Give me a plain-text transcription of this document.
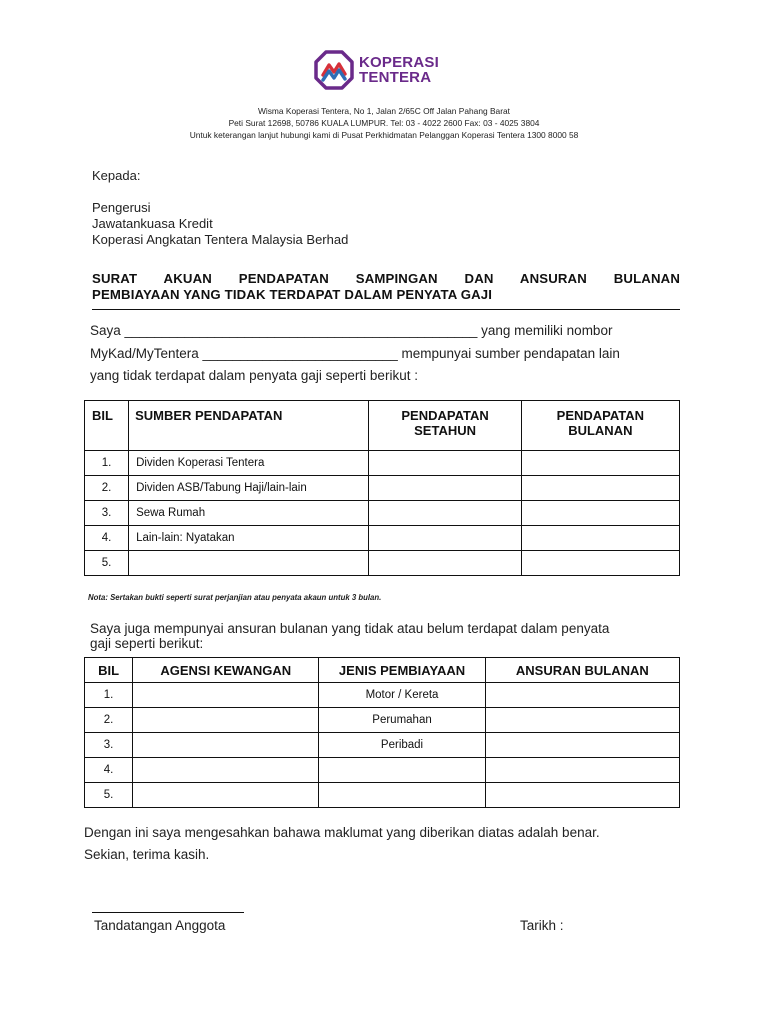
KOPERASI
TENTERA
Wisma Koperasi Tentera, No 1, Jalan 2/65C Off Jalan Pahang Barat
Peti Surat 12698, 50786 KUALA LUMPUR. Tel: 03 - 4022 2600 Fax: 03 - 4025 3804
Untuk keterangan lanjut hubungi kami di Pusat Perkhidmatan Pelanggan Koperasi Tentera 1300 8000 58
Kepada:
Pengerusi
Jawatankuasa Kredit
Koperasi Angkatan Tentera Malaysia Berhad
SURAT AKUAN PENDAPATAN SAMPINGAN DAN ANSURAN BULANAN
PEMBIAYAAN YANG TIDAK TERDAPAT DALAM PENYATA GAJI
Saya _______________________________________________ yang memiliki nombor
MyKad/MyTentera __________________________ mempunyai sumber pendapatan lain
yang tidak terdapat dalam penyata gaji seperti berikut :
BIL	SUMBER PENDAPATAN	PENDAPATAN SETAHUN	PENDAPATAN BULANAN
1.	Dividen Koperasi Tentera		
2.	Dividen ASB/Tabung Haji/lain-lain		
3.	Sewa Rumah		
4.	Lain-lain: Nyatakan		
5.			
Nota: Sertakan bukti seperti surat perjanjian atau penyata akaun untuk 3 bulan.
Saya juga mempunyai ansuran bulanan yang tidak atau belum terdapat dalam penyata
gaji seperti berikut:
BIL	AGENSI KEWANGAN	JENIS PEMBIAYAAN	ANSURAN BULANAN
1.		Motor / Kereta	
2.		Perumahan	
3.		Peribadi	
4.			
5.			
Dengan ini saya mengesahkan bahawa maklumat yang diberikan diatas adalah benar.
Sekian, terima kasih.
Tandatangan Anggota	Tarikh :
